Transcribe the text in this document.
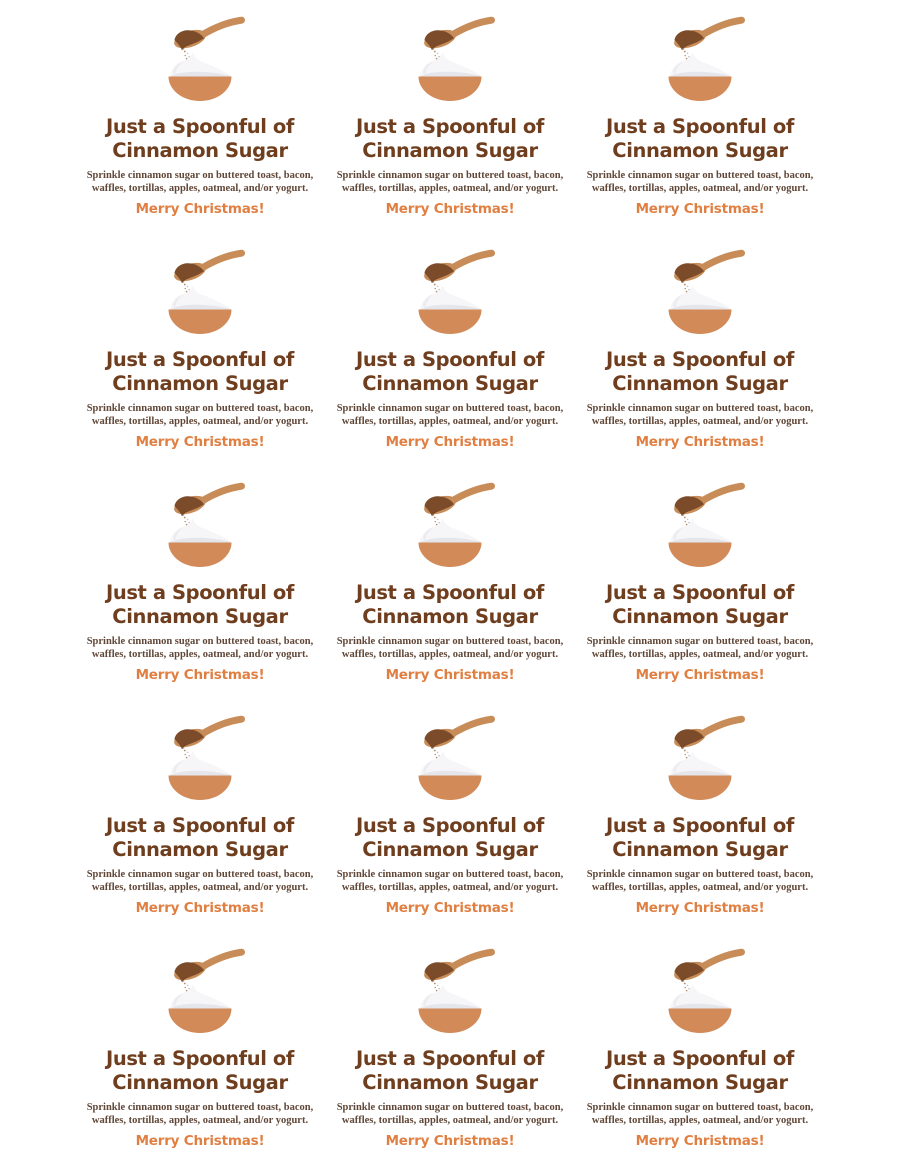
Just a Spoonful of
Cinnamon Sugar
Sprinkle cinnamon sugar on buttered toast, bacon,
waffles, tortillas, apples, oatmeal, and/or yogurt.
Merry Christmas!
Just a Spoonful of
Cinnamon Sugar
Sprinkle cinnamon sugar on buttered toast, bacon,
waffles, tortillas, apples, oatmeal, and/or yogurt.
Merry Christmas!
Just a Spoonful of
Cinnamon Sugar
Sprinkle cinnamon sugar on buttered toast, bacon,
waffles, tortillas, apples, oatmeal, and/or yogurt.
Merry Christmas!
Just a Spoonful of
Cinnamon Sugar
Sprinkle cinnamon sugar on buttered toast, bacon,
waffles, tortillas, apples, oatmeal, and/or yogurt.
Merry Christmas!
Just a Spoonful of
Cinnamon Sugar
Sprinkle cinnamon sugar on buttered toast, bacon,
waffles, tortillas, apples, oatmeal, and/or yogurt.
Merry Christmas!
Just a Spoonful of
Cinnamon Sugar
Sprinkle cinnamon sugar on buttered toast, bacon,
waffles, tortillas, apples, oatmeal, and/or yogurt.
Merry Christmas!
Just a Spoonful of
Cinnamon Sugar
Sprinkle cinnamon sugar on buttered toast, bacon,
waffles, tortillas, apples, oatmeal, and/or yogurt.
Merry Christmas!
Just a Spoonful of
Cinnamon Sugar
Sprinkle cinnamon sugar on buttered toast, bacon,
waffles, tortillas, apples, oatmeal, and/or yogurt.
Merry Christmas!
Just a Spoonful of
Cinnamon Sugar
Sprinkle cinnamon sugar on buttered toast, bacon,
waffles, tortillas, apples, oatmeal, and/or yogurt.
Merry Christmas!
Just a Spoonful of
Cinnamon Sugar
Sprinkle cinnamon sugar on buttered toast, bacon,
waffles, tortillas, apples, oatmeal, and/or yogurt.
Merry Christmas!
Just a Spoonful of
Cinnamon Sugar
Sprinkle cinnamon sugar on buttered toast, bacon,
waffles, tortillas, apples, oatmeal, and/or yogurt.
Merry Christmas!
Just a Spoonful of
Cinnamon Sugar
Sprinkle cinnamon sugar on buttered toast, bacon,
waffles, tortillas, apples, oatmeal, and/or yogurt.
Merry Christmas!
Just a Spoonful of
Cinnamon Sugar
Sprinkle cinnamon sugar on buttered toast, bacon,
waffles, tortillas, apples, oatmeal, and/or yogurt.
Merry Christmas!
Just a Spoonful of
Cinnamon Sugar
Sprinkle cinnamon sugar on buttered toast, bacon,
waffles, tortillas, apples, oatmeal, and/or yogurt.
Merry Christmas!
Just a Spoonful of
Cinnamon Sugar
Sprinkle cinnamon sugar on buttered toast, bacon,
waffles, tortillas, apples, oatmeal, and/or yogurt.
Merry Christmas!
